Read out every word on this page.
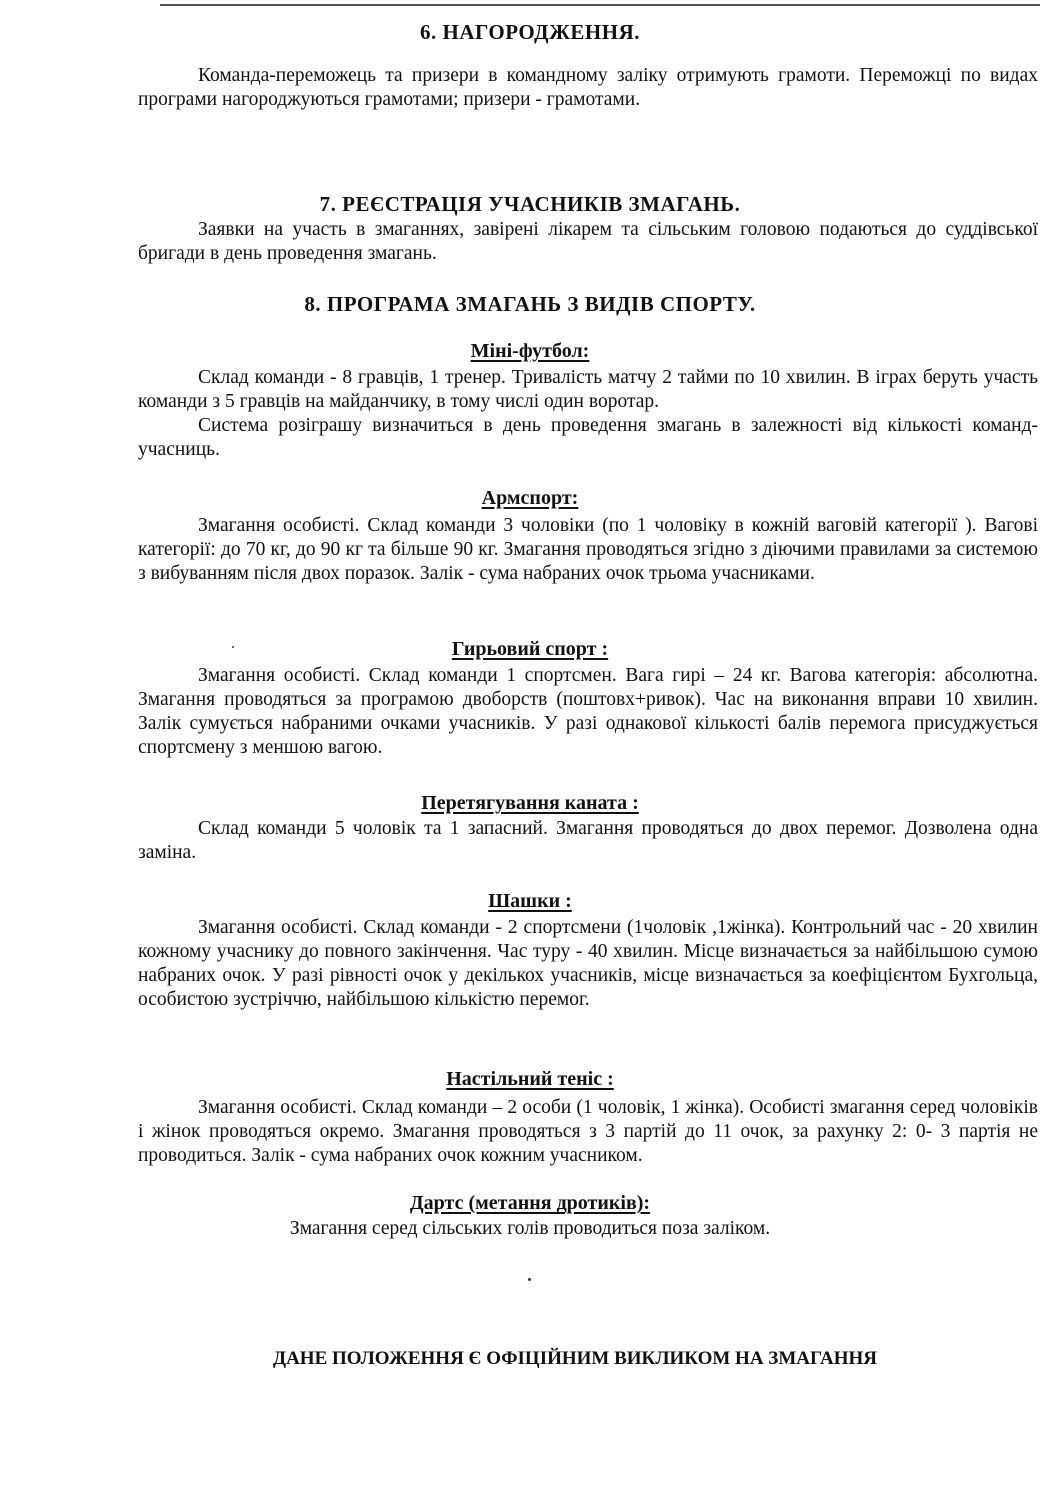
6. НАГОРОДЖЕННЯ.

Команда-переможець та призери в командному заліку отримують грамоти. Переможці по видах програми нагороджуються грамотами; призери - грамотами.

7. РЕЄСТРАЦІЯ УЧАСНИКІВ ЗМАГАНЬ.

Заявки на участь в змаганнях, завірені лікарем та сільським головою подаються до суддівської бригади в день проведення змагань.

8. ПРОГРАМА ЗМАГАНЬ З ВИДІВ СПОРТУ.
Міні-футбол:

Склад команди - 8 гравців, 1 тренер. Тривалість матчу 2 тайми по 10 хвилин. В іграх беруть участь команди з 5 гравців на майданчику, в тому числі один воротар.

Система розіграшу визначиться в день проведення змагань в залежності від кількості команд-учасниць.

Армспорт:

Змагання особисті. Склад команди 3 чоловіки (по 1 чоловіку в кожній ваговій категорії ). Вагові категорії: до 70 кг, до 90 кг та більше 90 кг. Змагання проводяться згідно з діючими правилами за системою з вибуванням після двох поразок. Залік - сума набраних очок трьома учасниками.

Гирьовий спорт :

Змагання особисті. Склад команди 1 спортсмен. Вага гирі – 24 кг. Вагова категорія: абсолютна. Змагання проводяться за програмою двоборств (поштовх+ривок). Час на виконання вправи 10 хвилин. Залік сумується набраними очками учасників. У разі однакової кількості балів перемога присуджується спортсмену з меншою вагою.

Перетягування каната :

Склад команди 5 чоловік та 1 запасний. Змагання проводяться до двох перемог. Дозволена одна заміна.

Шашки :

Змагання особисті. Склад команди - 2 спортсмени (1чоловік ,1жінка). Контрольний час - 20 хвилин кожному учаснику до повного закінчення. Час туру - 40 хвилин. Місце визначається за найбільшою сумою набраних очок. У разі рівності очок у декількох учасників, місце визначається за коефіцієнтом Бухгольца, особистою зустріччю, найбільшою кількістю перемог.

Настільний теніс :

Змагання особисті. Склад команди – 2 особи (1 чоловік, 1 жінка). Особисті змагання серед чоловіків і жінок проводяться окремо. Змагання проводяться з 3 партій до 11 очок, за рахунку 2: 0- 3 партія не проводиться. Залік - сума набраних очок кожним учасником.

Дартс (метання дротиків):

Змагання серед сільських голів проводиться поза заліком.

ДАНЕ ПОЛОЖЕННЯ Є ОФІЦІЙНИМ ВИКЛИКОМ НА ЗМАГАННЯ
